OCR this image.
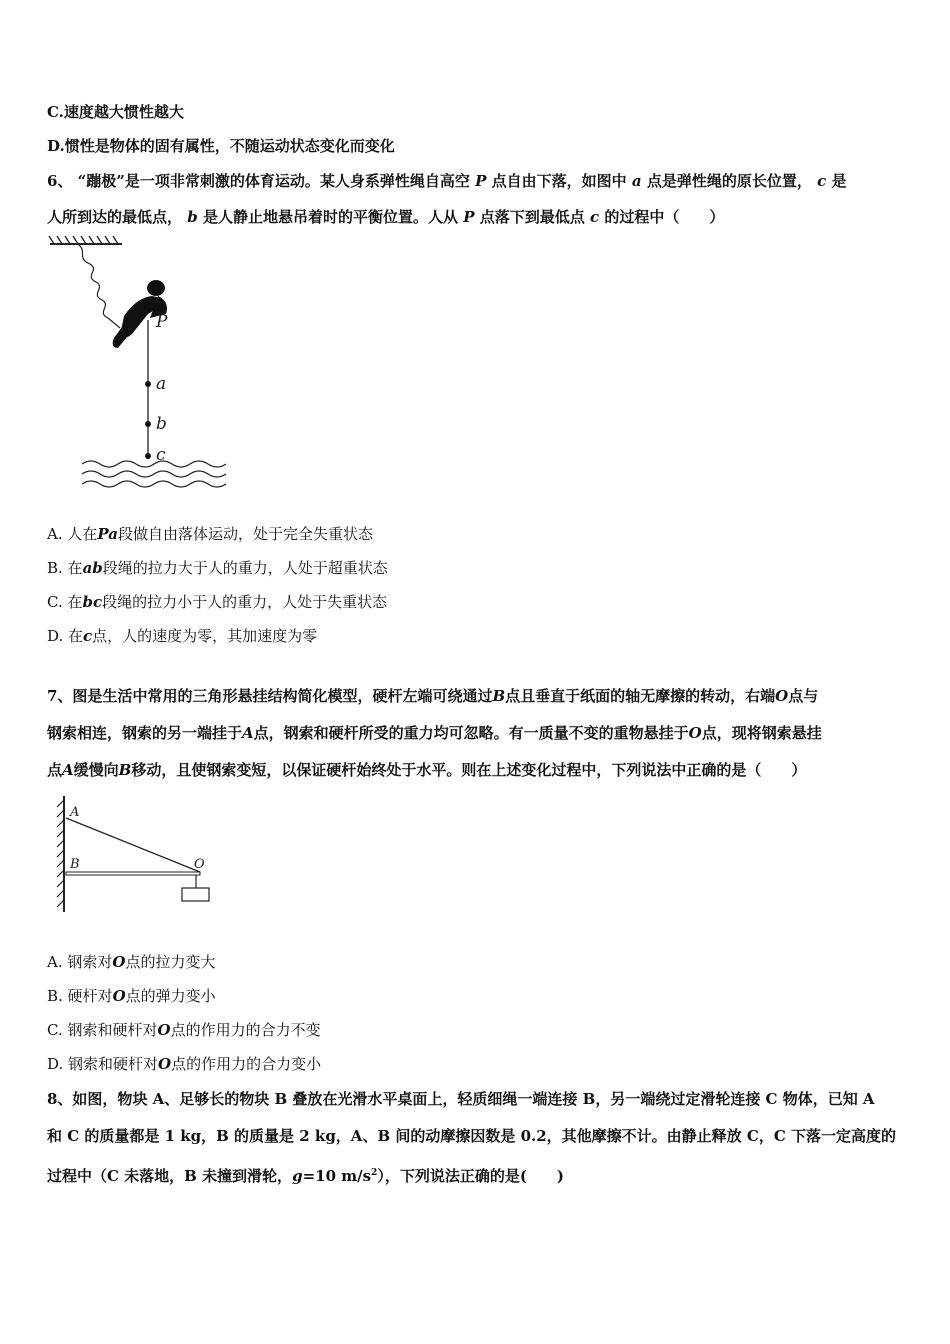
C.速度越大惯性越大
D.惯性是物体的固有属性，不随运动状态变化而变化
6、 “蹦极”是一项非常刺激的体育运动。某人身系弹性绳自高空 P 点自由下落，如图中 a 点是弹性绳的原长位置， c 是
人所到达的最低点， b 是人静止地悬吊着时的平衡位置。人从 P 点落下到最低点 c 的过程中（　　）
P
a
b
c
A. 人在Pa段做自由落体运动，处于完全失重状态
B. 在ab段绳的拉力大于人的重力，人处于超重状态
C. 在bc段绳的拉力小于人的重力，人处于失重状态
D. 在c点，人的速度为零，其加速度为零
7、图是生活中常用的三角形悬挂结构简化模型，硬杆左端可绕通过B点且垂直于纸面的轴无摩擦的转动，右端O点与
钢索相连，钢索的另一端挂于A点，钢索和硬杆所受的重力均可忽略。有一质量不变的重物悬挂于O点，现将钢索悬挂
点A缓慢向B移动，且使钢索变短，以保证硬杆始终处于水平。则在上述变化过程中，下列说法中正确的是（　　）
A
B	O
A. 钢索对O点的拉力变大
B. 硬杆对O点的弹力变小
C. 钢索和硬杆对O点的作用力的合力不变
D. 钢索和硬杆对O点的作用力的合力变小
8、如图，物块 A、足够长的物块 B 叠放在光滑水平桌面上，轻质细绳一端连接 B，另一端绕过定滑轮连接 C 物体，已知 A
和 C 的质量都是 1 kg，B 的质量是 2 kg，A、B 间的动摩擦因数是 0.2，其他摩擦不计。由静止释放 C，C 下落一定高度的
过程中（C 未落地，B 未撞到滑轮，g=10 $m/s^2$），下列说法正确的是(　　)
